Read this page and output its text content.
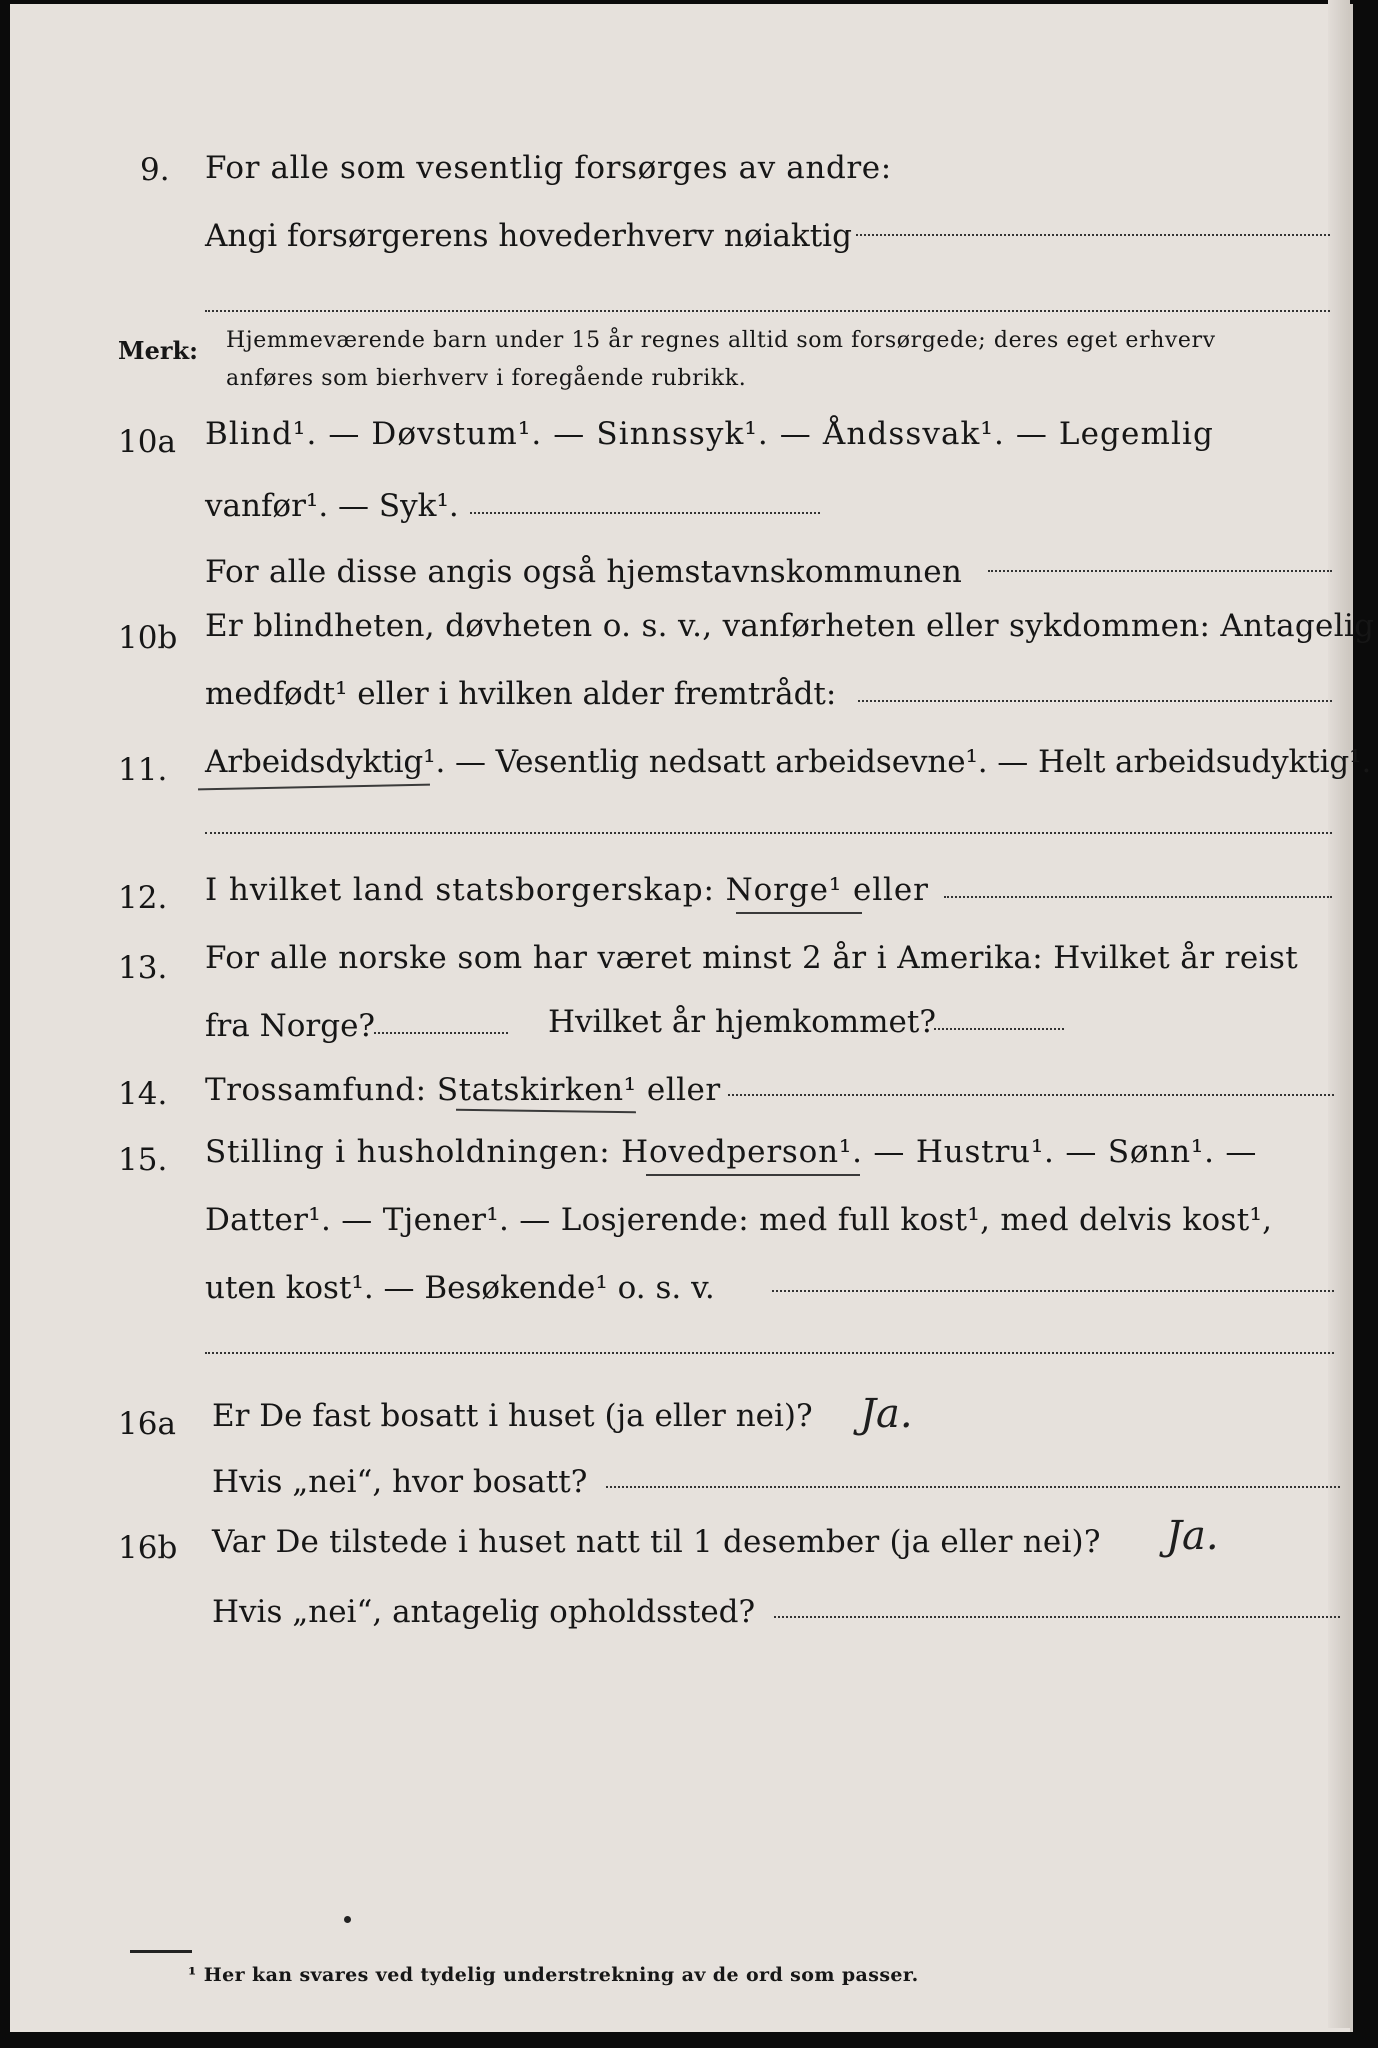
9. For alle som vesentlig forsørges av andre:
Angi forsørgerens hovederhverv nøiaktig
Merk: Hjemmeværende barn under 15 år regnes alltid som forsørgede; deres eget erhverv
anføres som bierhverv i foregående rubrikk.
10a Blind¹. — Døvstum¹. — Sinnssyk¹. — Åndssvak¹. — Legemlig
vanfør¹. — Syk¹.
For alle disse angis også hjemstavnskommunen
10b Er blindheten, døvheten o. s. v., vanførheten eller sykdommen: Antagelig
medfødt¹ eller i hvilken alder fremtrådt:
11. Arbeidsdyktig¹. — Vesentlig nedsatt arbeidsevne¹. — Helt arbeidsudyktig¹.
12. I hvilket land statsborgerskap: Norge¹ eller
13. For alle norske som har været minst 2 år i Amerika: Hvilket år reist
fra Norge?	Hvilket år hjemkommet?
14. Trossamfund: Statskirken¹ eller
15. Stilling i husholdningen: Hovedperson¹. — Hustru¹. — Sønn¹. —
Datter¹. — Tjener¹. — Losjerende: med full kost¹, med delvis kost¹,
uten kost¹. — Besøkende¹ o. s. v.
16a Er De fast bosatt i huset (ja eller nei)? Ja.
Hvis „nei“, hvor bosatt?
16b Var De tilstede i huset natt til 1 desember (ja eller nei)? Ja.
Hvis „nei“, antagelig opholdssted?
¹ Her kan svares ved tydelig understrekning av de ord som passer.
